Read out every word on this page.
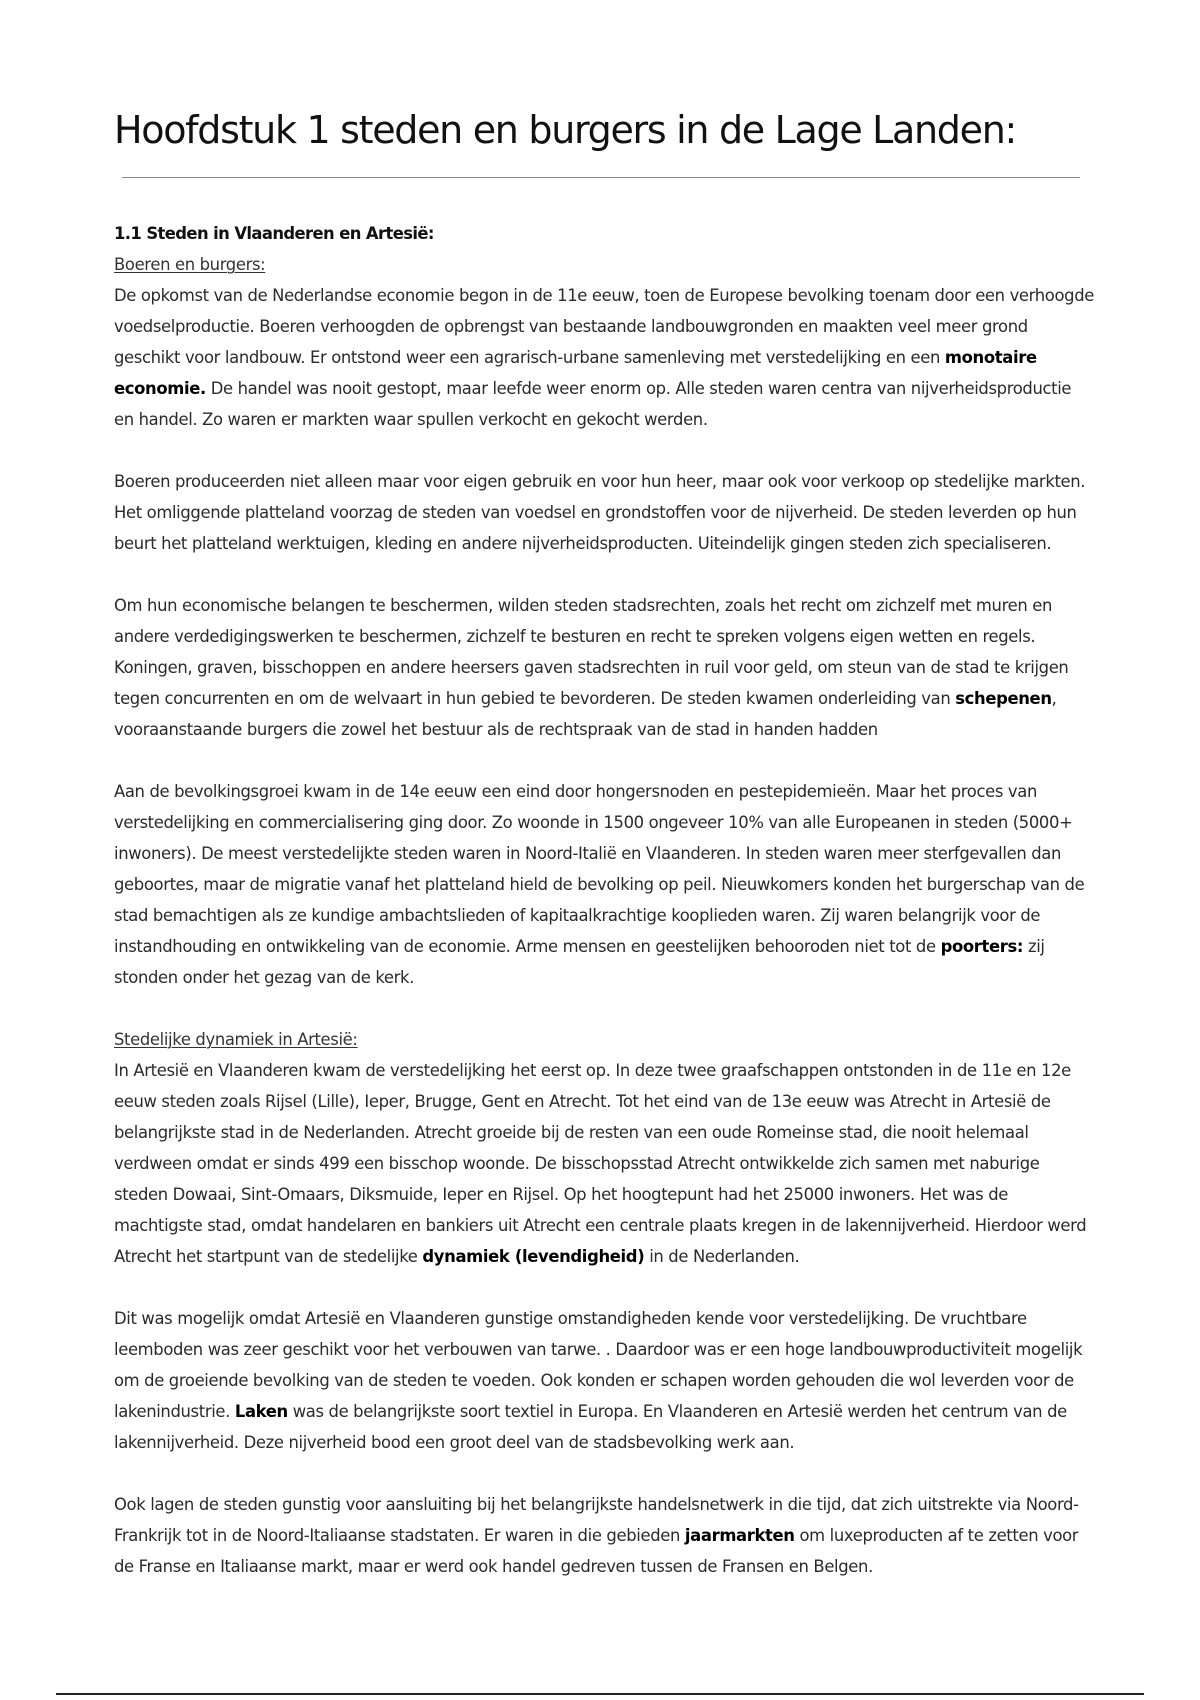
Hoofdstuk 1 steden en burgers in de Lage Landen:

1.1 Steden in Vlaanderen en Artesië:

Boeren en burgers:

De opkomst van de Nederlandse economie begon in de 11e eeuw, toen de Europese bevolking toenam door een verhoogde voedselproductie. Boeren verhoogden de opbrengst van bestaande landbouwgronden en maakten veel meer grond geschikt voor landbouw. Er ontstond weer een agrarisch-urbane samenleving met verstedelijking en een monotaire economie. De handel was nooit gestopt, maar leefde weer enorm op. Alle steden waren centra van nijverheidsproductie en handel. Zo waren er markten waar spullen verkocht en gekocht werden.

Boeren produceerden niet alleen maar voor eigen gebruik en voor hun heer, maar ook voor verkoop op stedelijke markten. Het omliggende platteland voorzag de steden van voedsel en grondstoffen voor de nijverheid. De steden leverden op hun beurt het platteland werktuigen, kleding en andere nijverheidsproducten. Uiteindelijk gingen steden zich specialiseren.

Om hun economische belangen te beschermen, wilden steden stadsrechten, zoals het recht om zichzelf met muren en andere verdedigingswerken te beschermen, zichzelf te besturen en recht te spreken volgens eigen wetten en regels. Koningen, graven, bisschoppen en andere heersers gaven stadsrechten in ruil voor geld, om steun van de stad te krijgen tegen concurrenten en om de welvaart in hun gebied te bevorderen. De steden kwamen onderleiding van schepenen, vooraanstaande burgers die zowel het bestuur als de rechtspraak van de stad in handen hadden

Aan de bevolkingsgroei kwam in de 14e eeuw een eind door hongersnoden en pestepidemieën. Maar het proces van verstedelijking en commercialisering ging door. Zo woonde in 1500 ongeveer 10% van alle Europeanen in steden (5000+ inwoners). De meest verstedelijkte steden waren in Noord-Italië en Vlaanderen. In steden waren meer sterfgevallen dan geboortes, maar de migratie vanaf het platteland hield de bevolking op peil. Nieuwkomers konden het burgerschap van de stad bemachtigen als ze kundige ambachtslieden of kapitaalkrachtige kooplieden waren. Zij waren belangrijk voor de instandhouding en ontwikkeling van de economie. Arme mensen en geestelijken behooroden niet tot de poorters: zij stonden onder het gezag van de kerk.

Stedelijke dynamiek in Artesië:

In Artesië en Vlaanderen kwam de verstedelijking het eerst op. In deze twee graafschappen ontstonden in de 11e en 12e eeuw steden zoals Rijsel (Lille), Ieper, Brugge, Gent en Atrecht. Tot het eind van de 13e eeuw was Atrecht in Artesië de belangrijkste stad in de Nederlanden. Atrecht groeide bij de resten van een oude Romeinse stad, die nooit helemaal verdween omdat er sinds 499 een bisschop woonde. De bisschopsstad Atrecht ontwikkelde zich samen met naburige steden Dowaai, Sint-Omaars, Diksmuide, Ieper en Rijsel. Op het hoogtepunt had het 25000 inwoners. Het was de machtigste stad, omdat handelaren en bankiers uit Atrecht een centrale plaats kregen in de lakennijverheid. Hierdoor werd Atrecht het startpunt van de stedelijke dynamiek (levendigheid) in de Nederlanden.

Dit was mogelijk omdat Artesië en Vlaanderen gunstige omstandigheden kende voor verstedelijking. De vruchtbare leemboden was zeer geschikt voor het verbouwen van tarwe. . Daardoor was er een hoge landbouwproductiviteit mogelijk om de groeiende bevolking van de steden te voeden. Ook konden er schapen worden gehouden die wol leverden voor de lakenindustrie. Laken was de belangrijkste soort textiel in Europa. En Vlaanderen en Artesië werden het centrum van de lakennijverheid. Deze nijverheid bood een groot deel van de stadsbevolking werk aan.

Ook lagen de steden gunstig voor aansluiting bij het belangrijkste handelsnetwerk in die tijd, dat zich uitstrekte via Noord-Frankrijk tot in de Noord-Italiaanse stadstaten. Er waren in die gebieden jaarmarkten om luxeproducten af te zetten voor de Franse en Italiaanse markt, maar er werd ook handel gedreven tussen de Fransen en Belgen.
